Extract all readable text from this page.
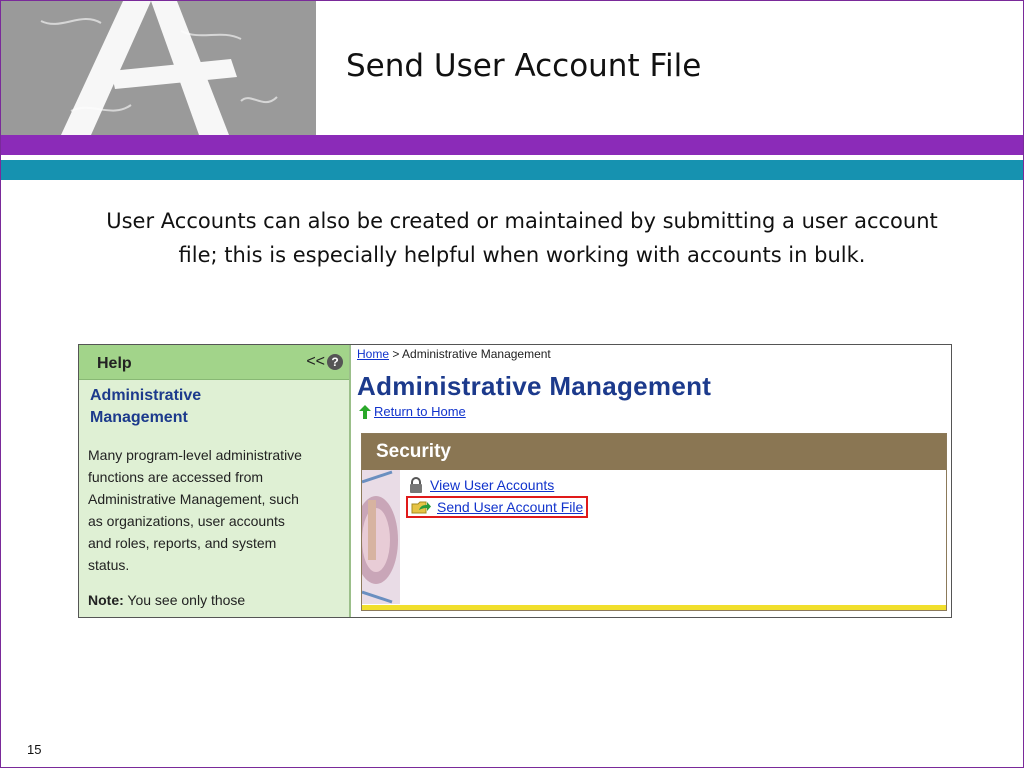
Send User Account File
User Accounts can also be created or maintained by submitting a user account
file; this is especially helpful when working with accounts in bulk.
Help	<< ?
Administrative
Management
Many program-level administrative
functions are accessed from
Administrative Management, such
as organizations, user accounts
and roles, reports, and system
status.
Note: You see only those
Home > Administrative Management
Administrative Management
Return to Home
Security
View User Accounts
Send User Account File
15
